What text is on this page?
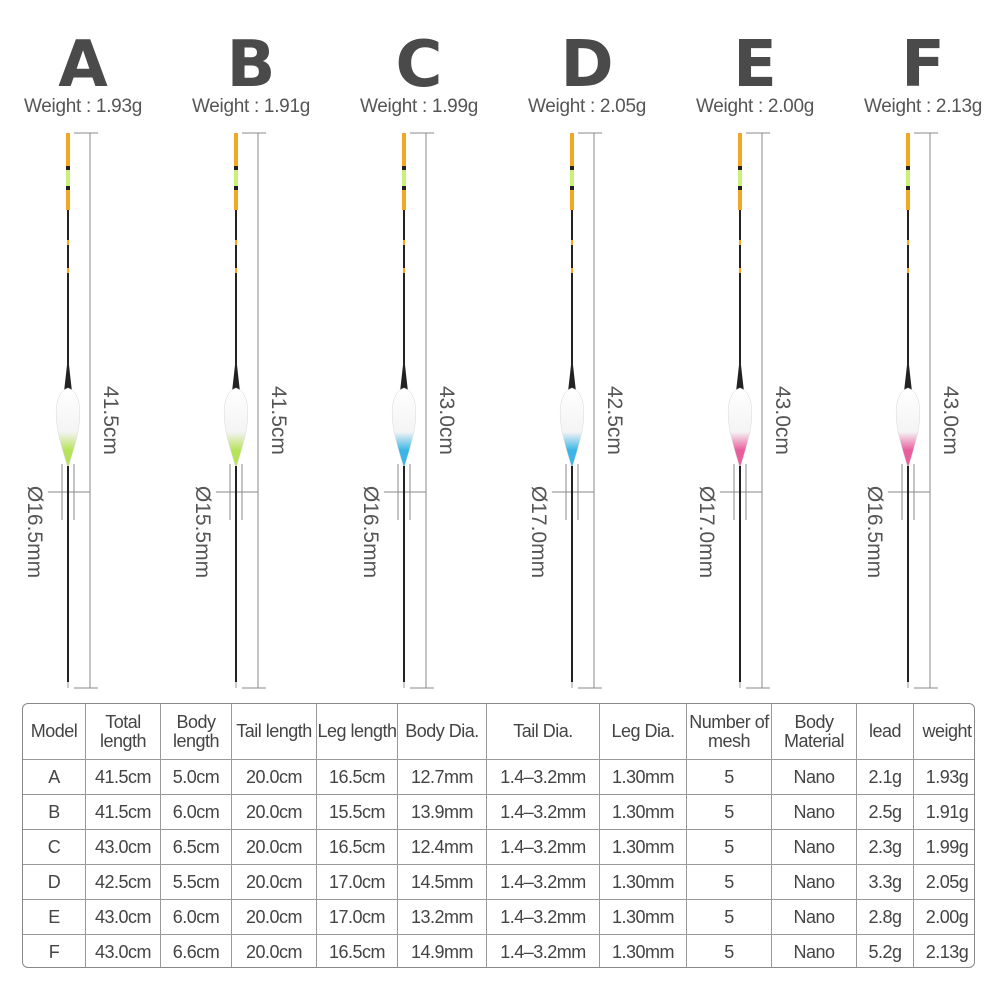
A
Weight : 1.93g
41.5cm
Ø16.5mm
B
Weight : 1.91g
41.5cm
Ø15.5mm
C
Weight : 1.99g
43.0cm
Ø16.5mm
D
Weight : 2.05g
42.5cm
Ø17.0mm
E
Weight : 2.00g
43.0cm
Ø17.0mm
F
Weight : 2.13g
43.0cm
Ø16.5mm
Model	Total length	Body length	Tail length	Leg length	Body Dia.	Tail Dia.	Leg Dia.	Number of mesh	Body Material	lead	weight
A	41.5cm	5.0cm	20.0cm	16.5cm	12.7mm	1.4–3.2mm	1.30mm	5	Nano	2.1g	1.93g
B	41.5cm	6.0cm	20.0cm	15.5cm	13.9mm	1.4–3.2mm	1.30mm	5	Nano	2.5g	1.91g
C	43.0cm	6.5cm	20.0cm	16.5cm	12.4mm	1.4–3.2mm	1.30mm	5	Nano	2.3g	1.99g
D	42.5cm	5.5cm	20.0cm	17.0cm	14.5mm	1.4–3.2mm	1.30mm	5	Nano	3.3g	2.05g
E	43.0cm	6.0cm	20.0cm	17.0cm	13.2mm	1.4–3.2mm	1.30mm	5	Nano	2.8g	2.00g
F	43.0cm	6.6cm	20.0cm	16.5cm	14.9mm	1.4–3.2mm	1.30mm	5	Nano	5.2g	2.13g
